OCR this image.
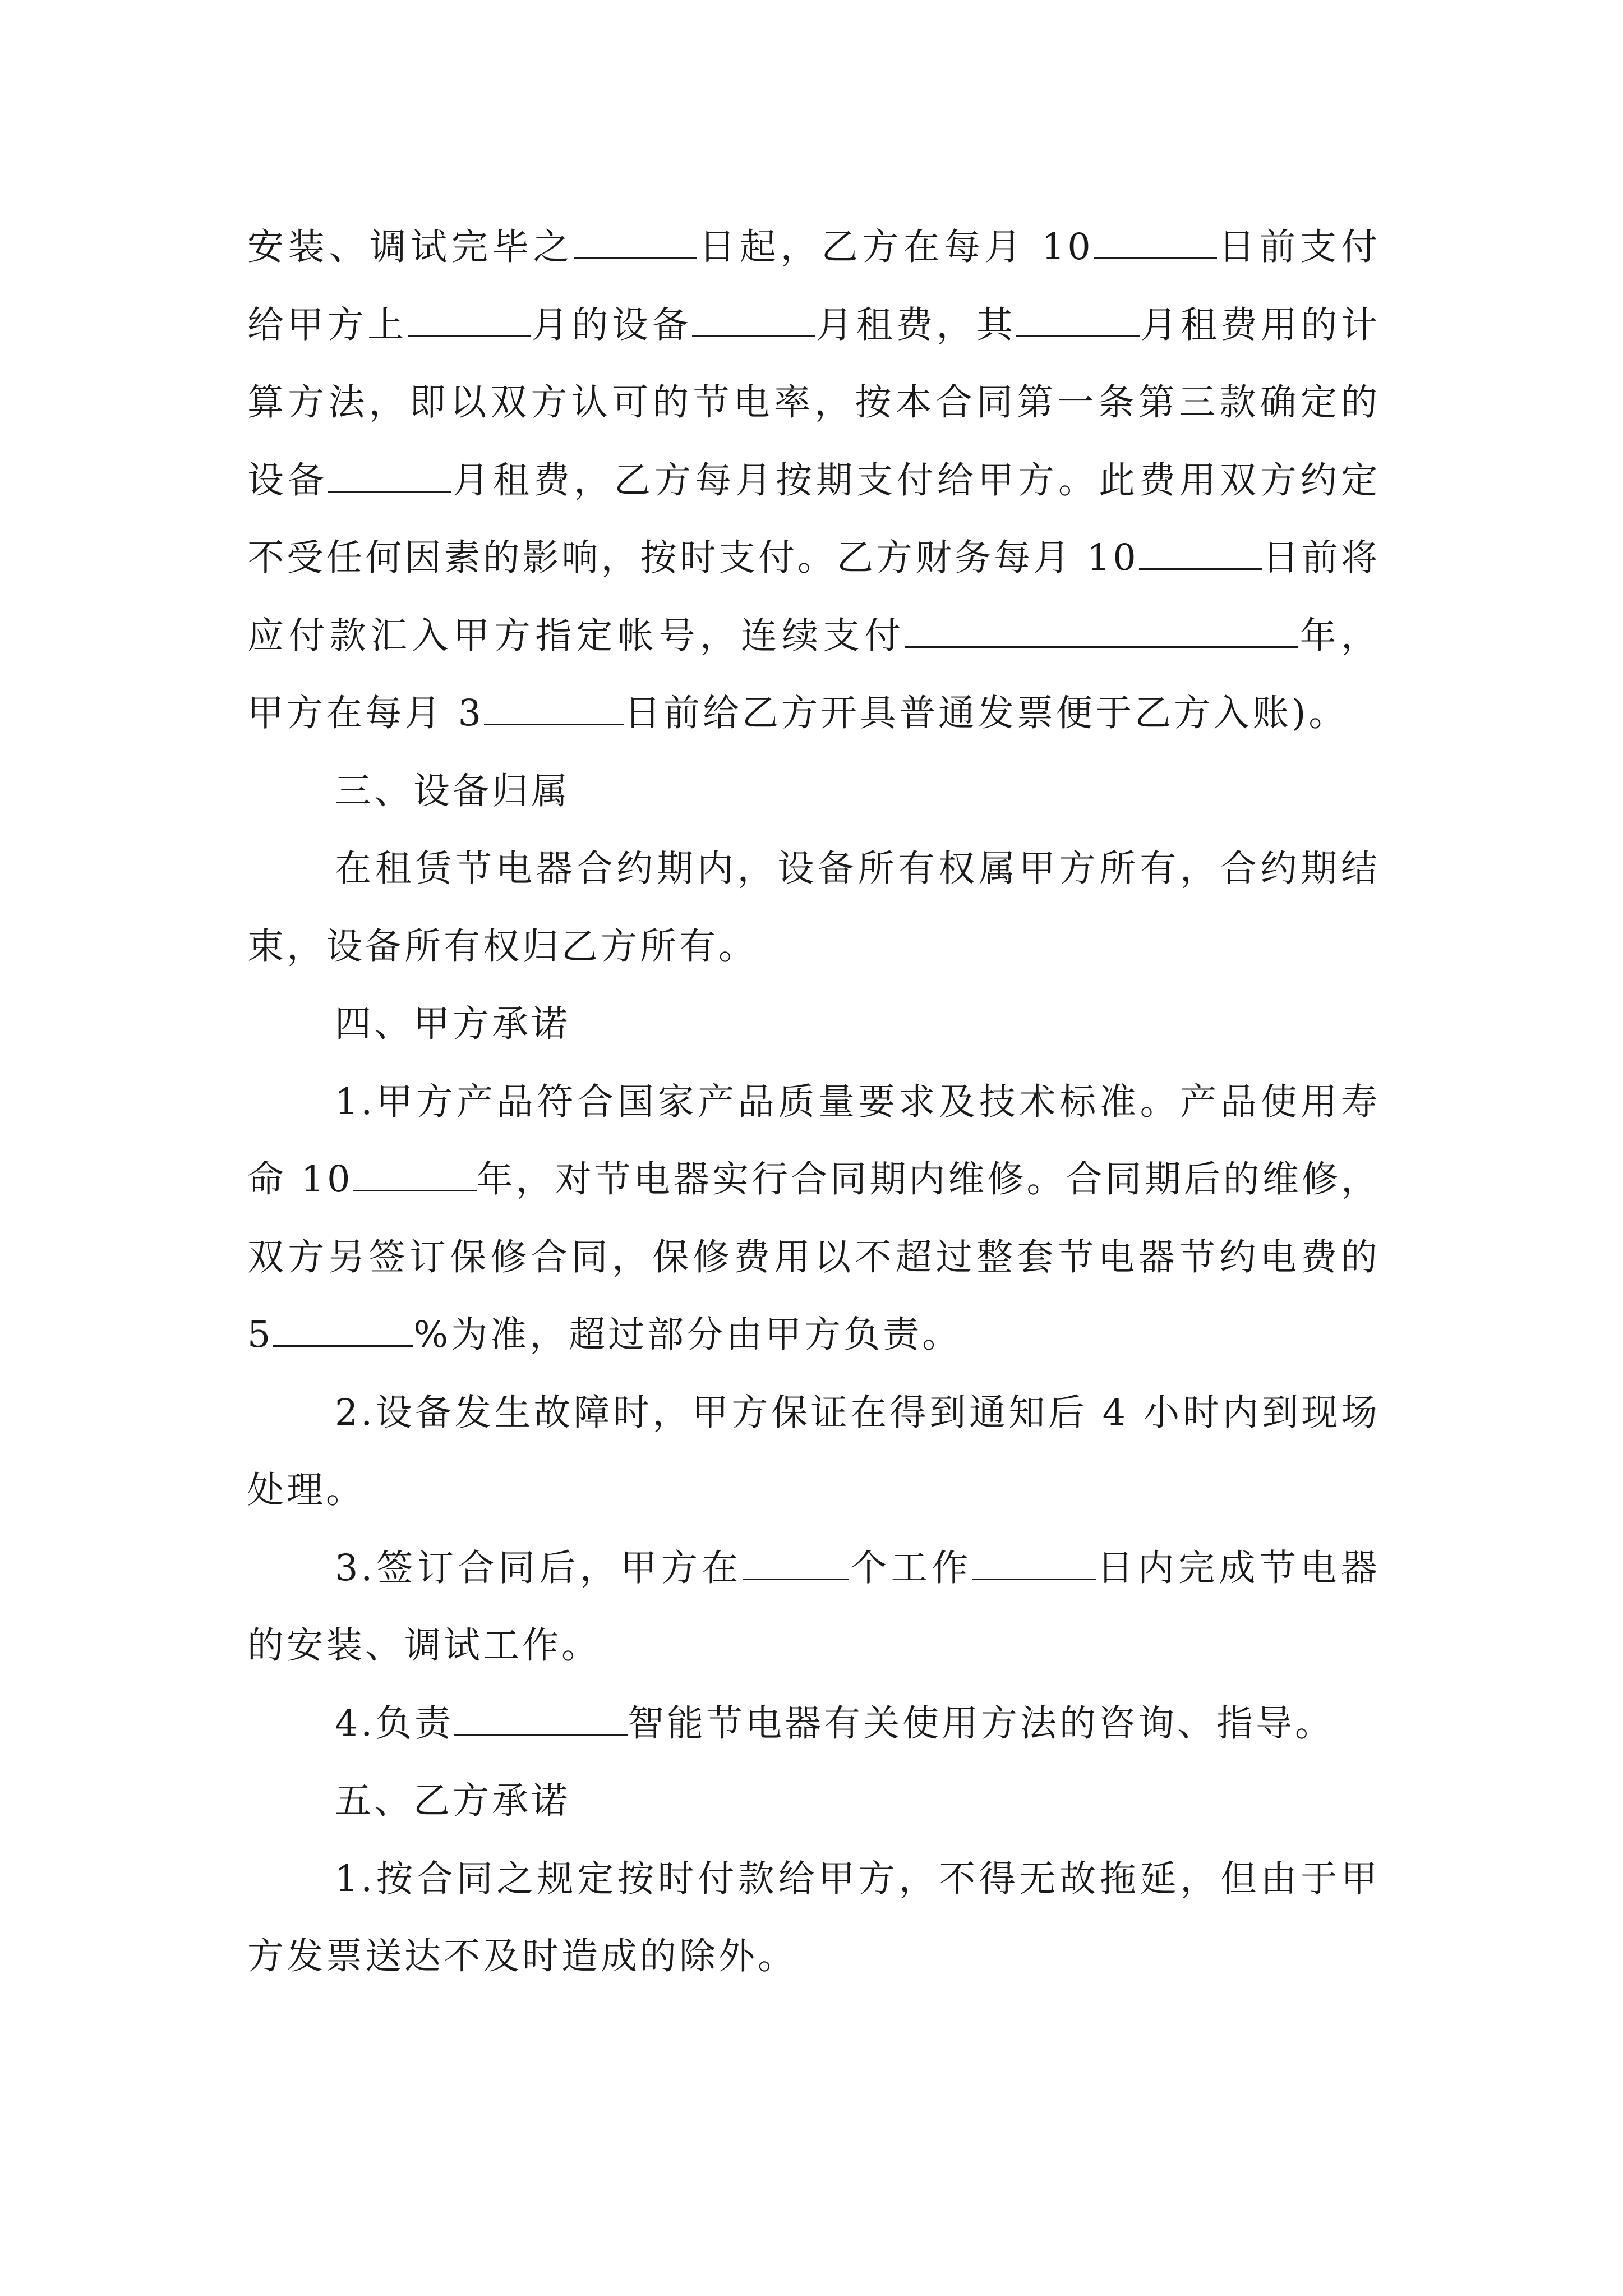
安装、调试完毕之	日起，乙方在每月 10	日前支付给甲方上	月的设备	月租费，其	月租费用的计算方法，即以双方认可的节电率，按本合同第一条第三款确定的设备	月租费，乙方每月按期支付给甲方。此费用双方约定不受任何因素的影响，按时支付。乙方财务每月 10	日前将应付款汇入甲方指定帐号，连续支付	年，甲方在每月 3	日前给乙方开具普通发票便于乙方入账)。

三、设备归属

在租赁节电器合约期内，设备所有权属甲方所有，合约期结束，设备所有权归乙方所有。

四、甲方承诺

1.甲方产品符合国家产品质量要求及技术标准。产品使用寿命 10	年，对节电器实行合同期内维修。合同期后的维修，双方另签订保修合同，保修费用以不超过整套节电器节约电费的 5	%为准，超过部分由甲方负责。

2.设备发生故障时，甲方保证在得到通知后 4 小时内到现场处理。

3.签订合同后，甲方在	个工作	日内完成节电器的安装、调试工作。

4.负责	智能节电器有关使用方法的咨询、指导。

五、乙方承诺

1.按合同之规定按时付款给甲方，不得无故拖延，但由于甲方发票送达不及时造成的除外。
